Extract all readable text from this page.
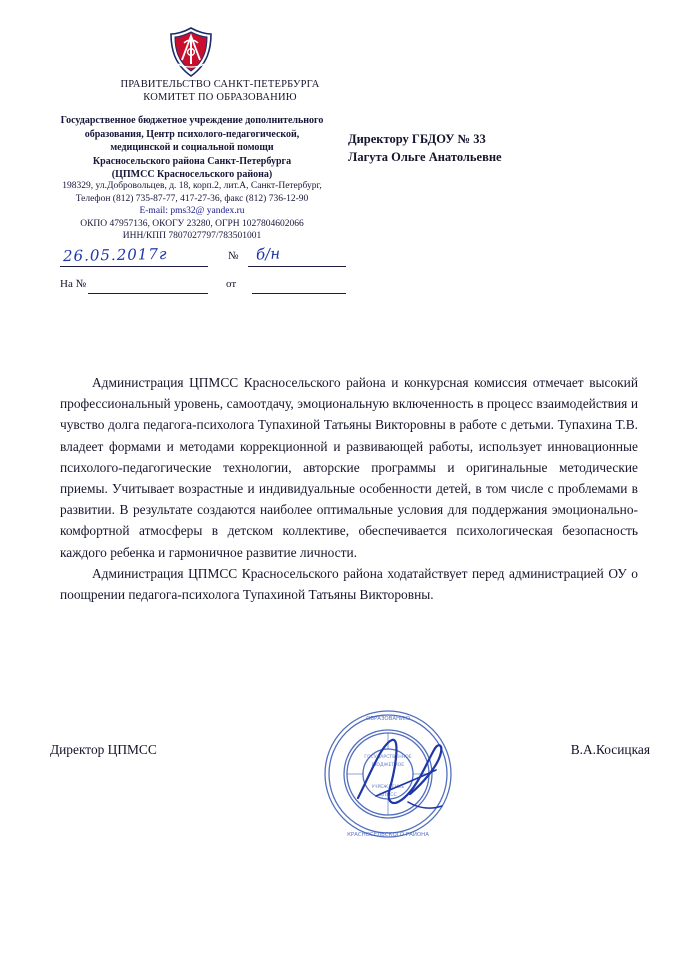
ПРАВИТЕЛЬСТВО САНКТ-ПЕТЕРБУРГА
КОМИТЕТ ПО ОБРАЗОВАНИЮ
Государственное бюджетное учреждение дополнительного
образования, Центр психолого-педагогической,
медицинской и социальной помощи
Красносельского района Санкт-Петербурга
(ЦПМСС Красносельского района)
198329, ул.Добровольцев, д. 18, корп.2, лит.А, Санкт-Петербург,
Телефон (812) 735-87-77, 417-27-36, факс (812) 736-12-90
E-mail: pms32@ yandex.ru
ОКПО 47957136, ОКОГУ 23280, ОГРН 1027804602066
ИНН/КПП 7807027797/783501001
26.05.2017г	№ б/н
На №	от
Директору ГБДОУ № 33
Лагута Ольге Анатольевне

Администрация ЦПМСС Красносельского района и конкурсная комиссия отмечает высокий профессиональный уровень, самоотдачу, эмоциональную включенность в процесс взаимодействия и чувство долга педагога-психолога Тупахиной Татьяны Викторовны в работе с детьми. Тупахина Т.В. владеет формами и методами коррекционной и развивающей работы, использует инновационные психолого-педагогические технологии, авторские программы и оригинальные методические приемы. Учитывает возрастные и индивидуальные особенности детей, в том числе с проблемами в развитии. В результате создаются наиболее оптимальные условия для поддержания эмоционально-комфортной атмосферы в детском коллективе, обеспечивается психологическая безопасность каждого ребенка и гармоничное развитие личности.

Администрация ЦПМСС Красносельского района ходатайствует перед администрацией ОУ о поощрении педагога-психолога Тупахиной Татьяны Викторовны.

ОБРАЗОВАНИЮ
КРАСНОСЕЛЬСКОГО РАЙОНА
ГОСУДАРСТВЕННОЕ
БЮДЖЕТНОЕ
УЧРЕЖДЕНИЕ
ЦПМСС
Директор ЦПМСС	В.А.Косицкая
